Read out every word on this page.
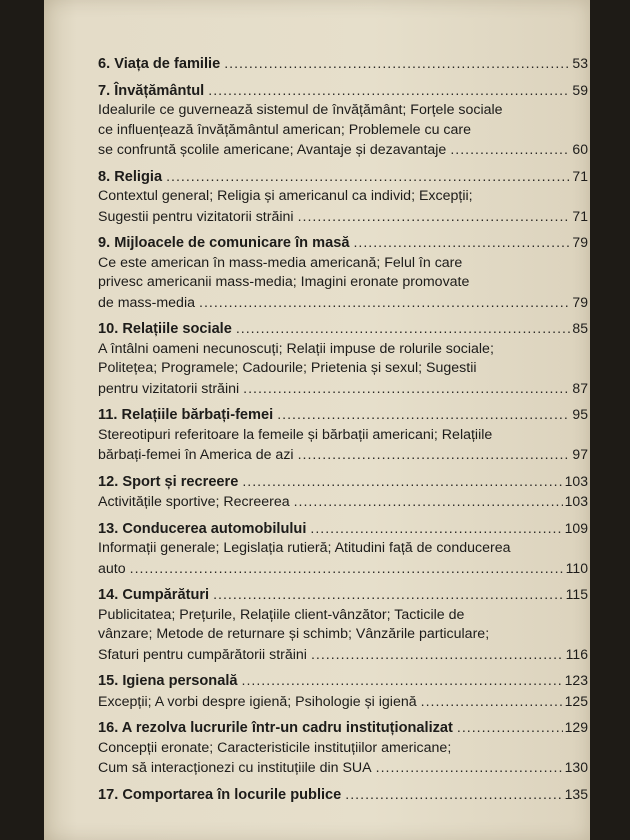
6. Viața de familie .....	53
7. Învățământul .....	59
Idealurile ce guvernează sistemul de învățământ; Forțele sociale
ce influențează învățământul american; Problemele cu care
se confruntă școlile americane; Avantaje și dezavantaje .....	60
8. Religia .....	71
Contextul general; Religia și americanul ca individ; Excepții;
Sugestii pentru vizitatorii străini .....	71
9. Mijloacele de comunicare în masă .....	79
Ce este american în mass-media americană; Felul în care
privesc americanii mass-media; Imagini eronate promovate
de mass-media .....	79
10. Relațiile sociale .....	85
A întâlni oameni necunoscuți; Relații impuse de rolurile sociale;
Politețea; Programele; Cadourile; Prietenia și sexul; Sugestii
pentru vizitatorii străini .....	87
11. Relațiile bărbați-femei .....	95
Stereotipuri referitoare la femeile și bărbații americani; Relațiile
bărbați-femei în America de azi .....	97
12. Sport și recreere .....	103
Activitățile sportive; Recreerea .....	103
13. Conducerea automobilului .....	109
Informații generale; Legislația rutieră; Atitudini față de conducerea
auto .....	110
14. Cumpărături .....	115
Publicitatea; Prețurile, Relațiile client-vânzător; Tacticile de
vânzare; Metode de returnare și schimb; Vânzările particulare;
Sfaturi pentru cumpărătorii străini .....	116
15. Igiena personală .....	123
Excepții; A vorbi despre igienă; Psihologie și igienă .....	125
16. A rezolva lucrurile într-un cadru instituționalizat .....	129
Concepții eronate; Caracteristicile instituțiilor americane;
Cum să interacționezi cu instituțiile din SUA .....	130
17. Comportarea în locurile publice .....	135
